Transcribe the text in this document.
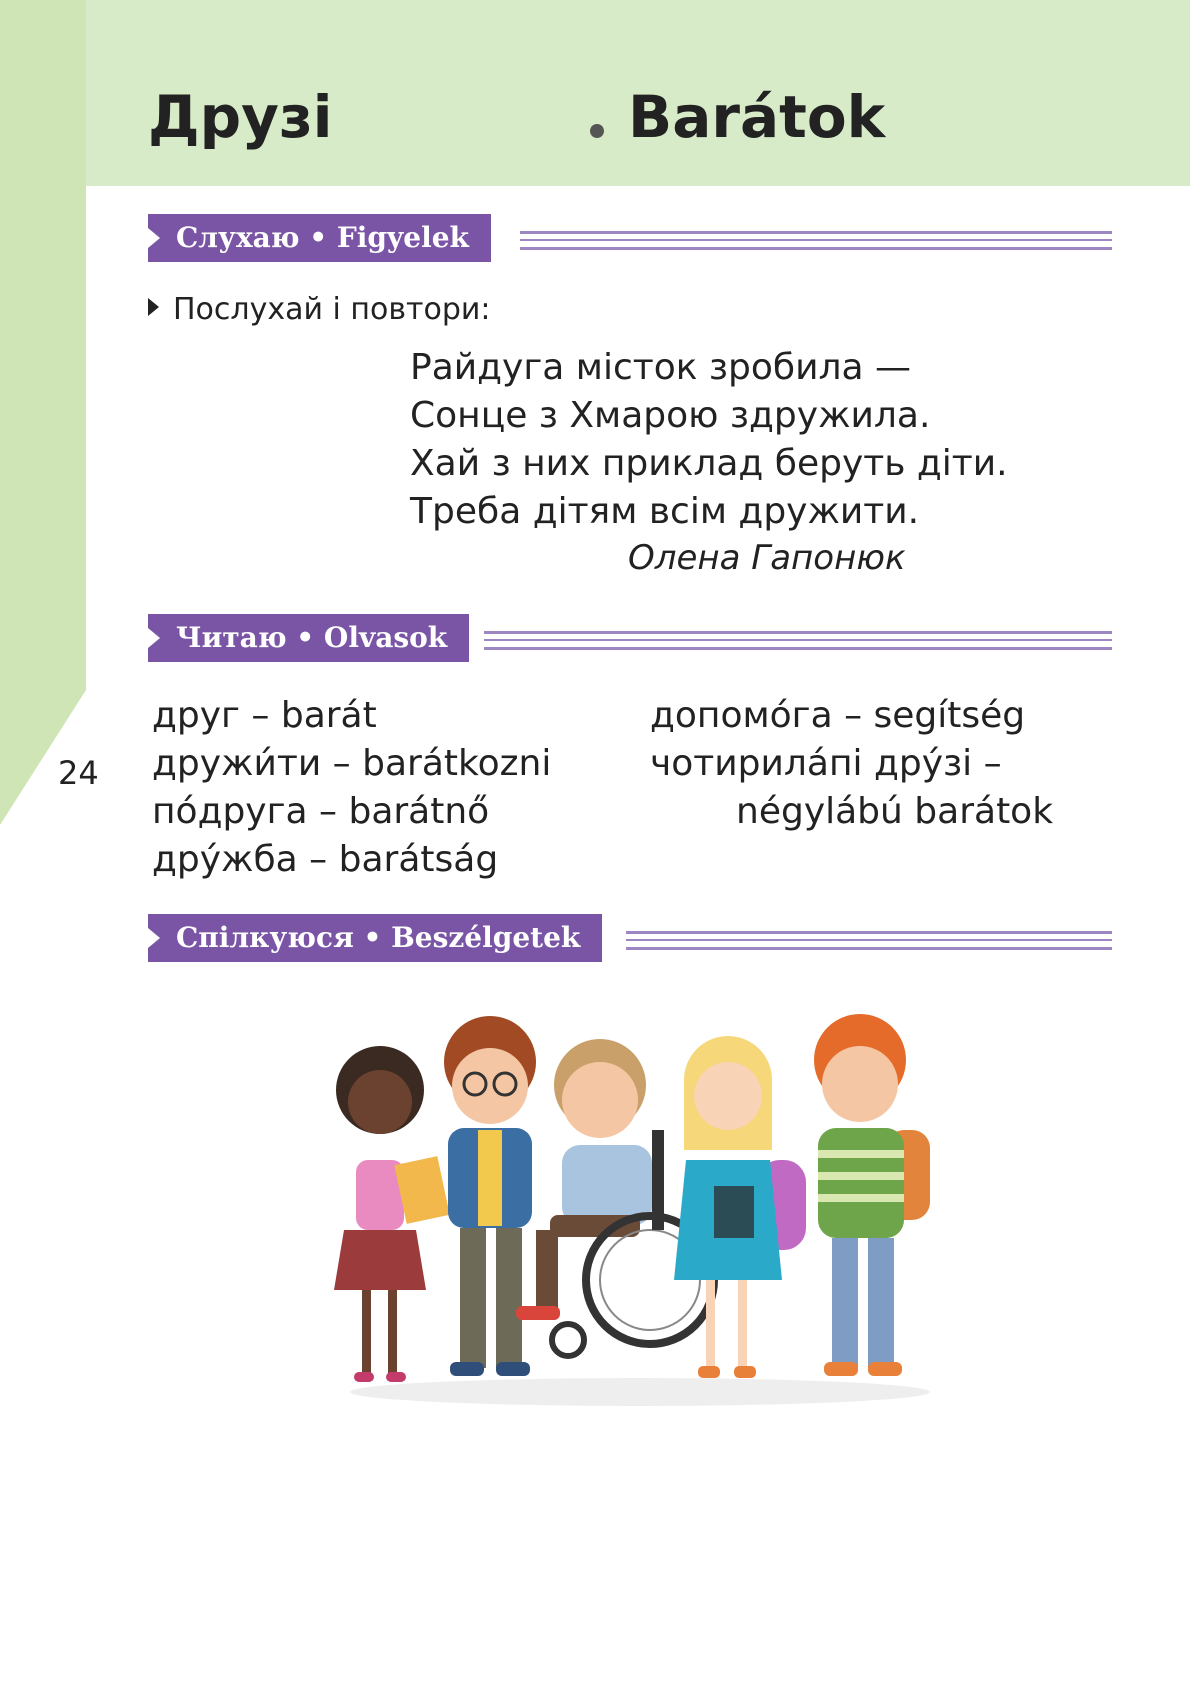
Друзі	Barátok
Слухаю • Figyelek
Послухай і повтори:
Райдуга місток зробила —
Сонце з Хмарою здружила.
Хай з них приклад беруть діти.
Треба дітям всім дружити.
Олена Гапонюк
Читаю • Olvasok
друг – barát
дружи́ти – barátkozni
по́друга – barátnő
дру́жба – barátság
допомо́га – segítség
чотирила́пі дру́зі –
négylábú barátok
24
Спілкуюся • Beszélgetek
